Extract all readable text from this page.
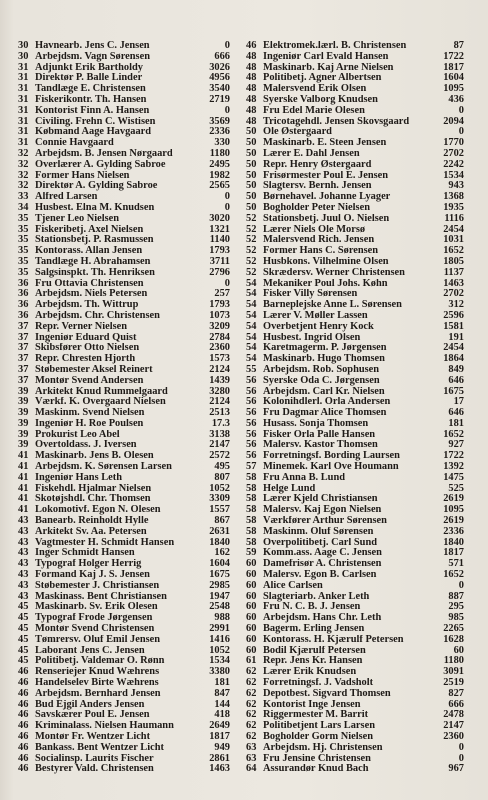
30 Havnearb. Jens C. Jensen	0
30 Arbejdsm. Vagn Sørensen	666
31 Adjunkt Erik Bartholdy	3026
31 Direktør P. Balle Linder	4956
31 Tandlæge E. Christensen	3540
31 Fiskerikontr. Th. Hansen	2719
31 Kontorist Finn A. Hansen	0
31 Civiling. Frehn C. Wistisen	3569
31 Købmand Aage Havgaard	2336
31 Connie Havgaard	330
32 Arbejdsm. B. Jensen Nørgaard	1180
32 Overlærer A. Gylding Sabroe	2495
32 Former Hans Nielsen	1982
32 Direktør A. Gylding Sabroe	2565
33 Alfred Larsen	0
34 Husbest. Elna M. Knudsen	0
35 Tjener Leo Nielsen	3020
35 Fiskeribetj. Axel Nielsen	1321
35 Stationsbetj. P. Rasmussen	1140
35 Kontorass. Allan Jensen	1793
35 Tandlæge H. Abrahamsen	3711
35 Salgsinspkt. Th. Henriksen	2796
36 Fru Ottavia Christensen	0
36 Arbejdsm. Niels Petersen	257
36 Arbejdsm. Th. Wittrup	1793
36 Arbejdsm. Chr. Christensen	1073
37 Repr. Verner Nielsen	3209
37 Ingeniør Eduard Quist	2784
37 Skibsfører Otto Nielsen	2360
37 Repr. Chresten Hjorth	1573
37 Støbemester Aksel Reinert	2124
37 Montør Svend Andersen	1439
39 Arkitekt Knud Rummelgaard	3280
39 Værkf. K. Overgaard Nielsen	2124
39 Maskinm. Svend Nielsen	2513
39 Ingeniør H. Roe Poulsen	17.3
39 Prokurist Leo Abel	3138
39 Overtoldass. J. Iversen	2147
41 Maskinarb. Jens B. Olesen	2572
41 Arbejdsm. K. Sørensen Larsen	495
41 Ingeniør Hans Leth	807
41 Fiskehdl. Hjalmar Nielsen	1052
41 Skotøjshdl. Chr. Thomsen	3309
41 Lokomotivf. Egon N. Olesen	1557
43 Banearb. Reinholdt Hylle	867
43 Arkitekt Sv. Aa. Petersen	2631
43 Vagtmester H. Schmidt Hansen	1840
43 Inger Schmidt Hansen	162
43 Typograf Holger Herrig	1604
43 Formand Kaj J. S. Jensen	1675
43 Støbemester J. Christiansen	2985
43 Maskinass. Bent Christiansen	1947
45 Maskinarb. Sv. Erik Olesen	2548
45 Typograf Frode Jørgensen	988
45 Montør Svend Christensen	2991
45 Tømrersv. Oluf Emil Jensen	1416
45 Laborant Jens C. Jensen	1052
45 Politibetj. Valdemar O. Rønn	1534
46 Renseriejer Knud Wæhrens	3380
46 Handelselev Birte Wæhrens	181
46 Arbejdsm. Bernhard Jensen	847
46 Bud Ejgil Anders Jensen	144
46 Savskærer Poul E. Jensen	418
46 Kriminalass. Nielsen Haumann	2649
46 Montør Fr. Wentzer Licht	1817
46 Bankass. Bent Wentzer Licht	949
46 Socialinsp. Laurits Fischer	2861
46 Bestyrer Vald. Christensen	1463
46 Elektromek.lærl. B. Christensen	87
48 Ingeniør Carl Evald Hansen	1722
48 Maskinarb. Kaj Arne Nielsen	1817
48 Politibetj. Agner Albertsen	1604
48 Malersvend Erik Olsen	1095
48 Syerske Valborg Knudsen	436
48 Fru Edel Marie Olesen	0
48 Tricotagehdl. Jensen Skovsgaard	2094
50 Ole Østergaard	0
50 Maskinarb. E. Steen Jensen	1770
50 Lærer E. Dahl Jensen	2702
50 Repr. Henry Østergaard	2242
50 Frisørmester Poul E. Jensen	1534
50 Slagtersv. Bernh. Jensen	943
50 Børnehavel. Johanne Lyager	1368
50 Bogholder Peter Nielsen	1935
52 Stationsbetj. Juul O. Nielsen	1116
52 Lærer Niels Ole Morsø	2454
52 Malersvend Rich. Jensen	1031
52 Former Hans C. Sørensen	1652
52 Husbkons. Vilhelmine Olsen	1805
52 Skrædersv. Werner Christensen	1137
54 Mekaniker Poul Johs. Køhn	1463
54 Fisker Villy Sørensen	2702
54 Barneplejske Anne L. Sørensen	312
54 Lærer V. Møller Lassen	2596
54 Overbetjent Henry Kock	1581
54 Husbest. Ingrid Olsen	191
54 Karetmagerm. P. Jørgensen	2454
54 Maskinarb. Hugo Thomsen	1864
55 Arbejdsm. Rob. Sophusen	849
56 Syerske Oda C. Jørgensen	646
56 Arbejdsm. Carl Kr. Nielsen	1675
56 Kolonihdlerl. Orla Andersen	17
56 Fru Dagmar Alice Thomsen	646
56 Husass. Sonja Thomsen	181
56 Fisker Orla Palle Hansen	1652
56 Malersv. Kastor Thomsen	927
56 Forretningsf. Bording Laursen	1722
57 Minemek. Karl Ove Houmann	1392
58 Fru Anna B. Lund	1475
58 Helge Lund	525
58 Lærer Kjeld Christiansen	2619
58 Malersv. Kaj Egon Nielsen	1095
58 Værkfører Arthur Sørensen	2619
58 Maskinm. Oluf Sørensen	2336
58 Overpolitibetj. Carl Sund	1840
59 Komm.ass. Aage C. Jensen	1817
60 Damefrisør A. Christensen	571
60 Malersv. Egon B. Carlsen	1652
60 Alice Carlsen	0
60 Slagteriarb. Anker Leth	887
60 Fru N. C. B. J. Jensen	295
60 Arbejdsm. Hans Chr. Leth	985
60 Bagerm. Erling Jensen	2265
60 Kontorass. H. Kjærulf Petersen	1628
60 Bodil Kjærulf Petersen	60
61 Repr. Jens Kr. Hansen	1180
62 Lærer Erik Knudsen	3091
62 Forretningsf. J. Vadsholt	2519
62 Depotbest. Sigvard Thomsen	827
62 Kontorist Inge Jensen	666
62 Riggermester M. Barrit	2478
62 Politibetjent Lars Larsen	2147
62 Bogholder Gorm Nielsen	2360
63 Arbejdsm. Hj. Christensen	0
63 Fru Jensine Christensen	0
64 Assurandør Knud Bach	967
